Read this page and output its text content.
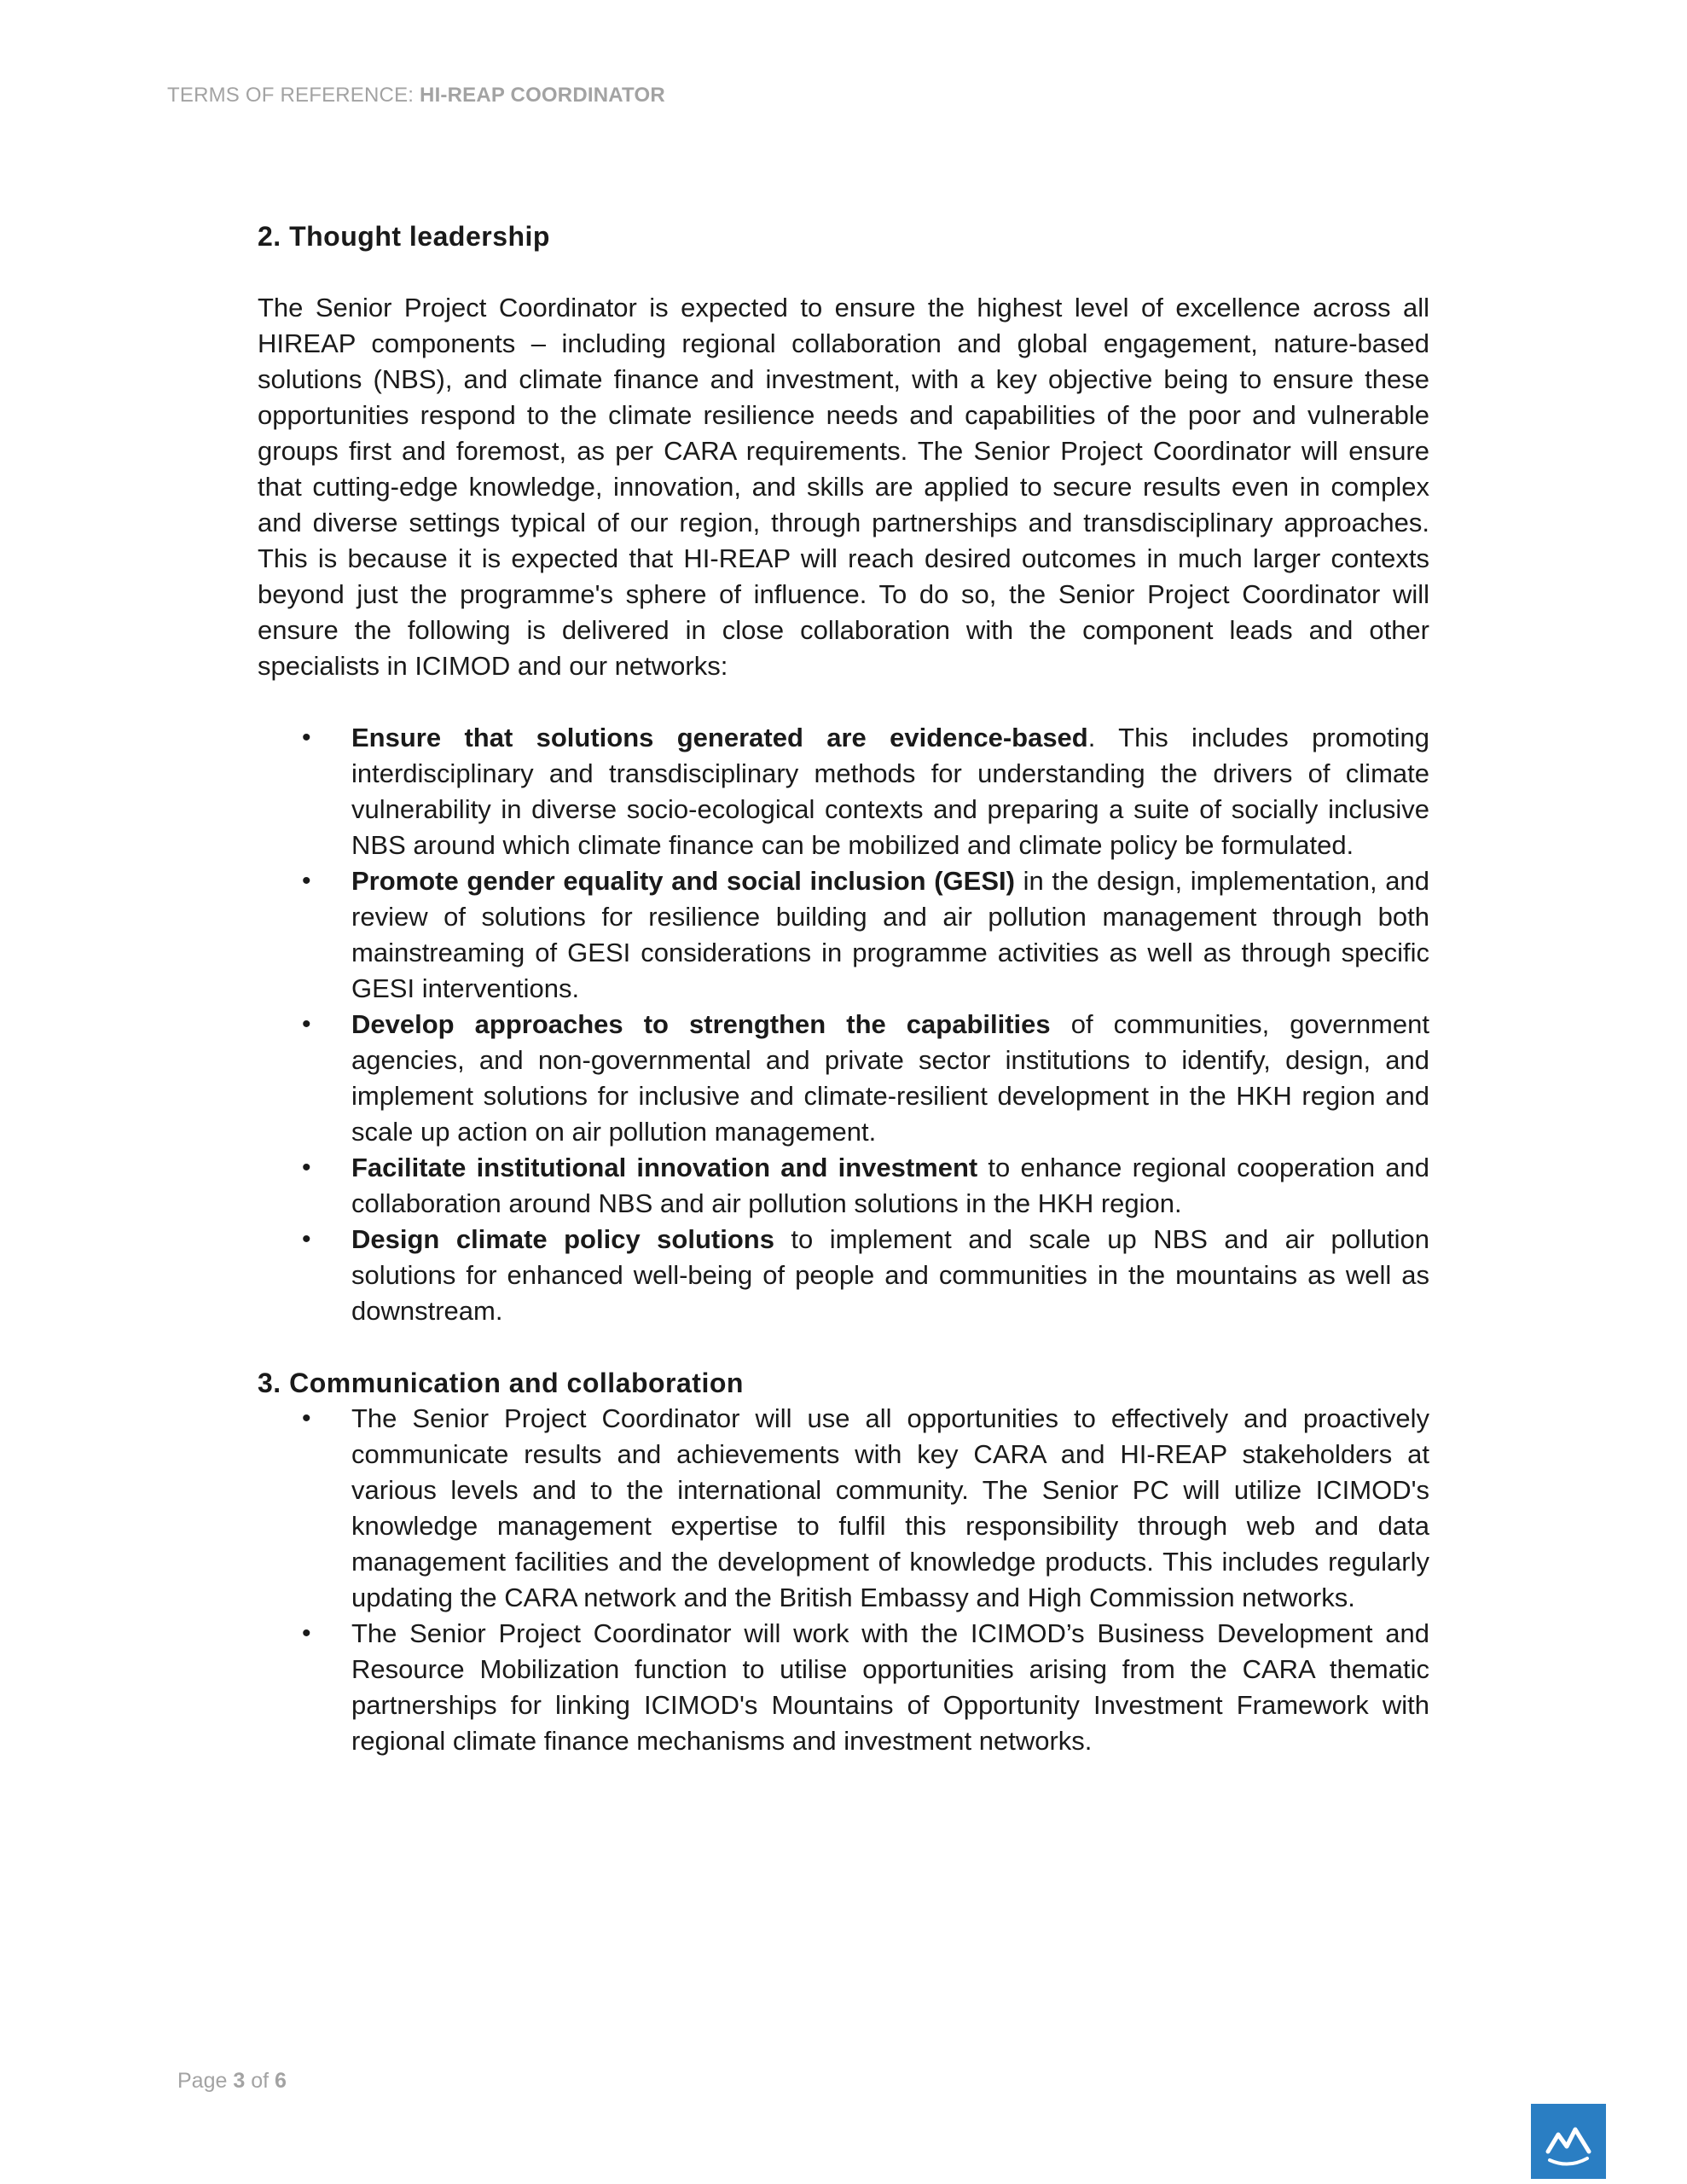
TERMS OF REFERENCE: HI-REAP COORDINATOR
2. Thought leadership

The Senior Project Coordinator is expected to ensure the highest level of excellence across all HIREAP components – including regional collaboration and global engagement, nature-based solutions (NBS), and climate finance and investment, with a key objective being to ensure these opportunities respond to the climate resilience needs and capabilities of the poor and vulnerable groups first and foremost, as per CARA requirements. The Senior Project Coordinator will ensure that cutting-edge knowledge, innovation, and skills are applied to secure results even in complex and diverse settings typical of our region, through partnerships and transdisciplinary approaches. This is because it is expected that HI-REAP will reach desired outcomes in much larger contexts beyond just the programme's sphere of influence. To do so, the Senior Project Coordinator will ensure the following is delivered in close collaboration with the component leads and other specialists in ICIMOD and our networks:

• Ensure that solutions generated are evidence-based. This includes promoting interdisciplinary and transdisciplinary methods for understanding the drivers of climate vulnerability in diverse socio-ecological contexts and preparing a suite of socially inclusive NBS around which climate finance can be mobilized and climate policy be formulated.
• Promote gender equality and social inclusion (GESI) in the design, implementation, and review of solutions for resilience building and air pollution management through both mainstreaming of GESI considerations in programme activities as well as through specific GESI interventions.
• Develop approaches to strengthen the capabilities of communities, government agencies, and non-governmental and private sector institutions to identify, design, and implement solutions for inclusive and climate-resilient development in the HKH region and scale up action on air pollution management.
• Facilitate institutional innovation and investment to enhance regional cooperation and collaboration around NBS and air pollution solutions in the HKH region.
• Design climate policy solutions to implement and scale up NBS and air pollution solutions for enhanced well-being of people and communities in the mountains as well as downstream.
3. Communication and collaboration
• The Senior Project Coordinator will use all opportunities to effectively and proactively communicate results and achievements with key CARA and HI-REAP stakeholders at various levels and to the international community. The Senior PC will utilize ICIMOD's knowledge management expertise to fulfil this responsibility through web and data management facilities and the development of knowledge products. This includes regularly updating the CARA network and the British Embassy and High Commission networks.
• The Senior Project Coordinator will work with the ICIMOD’s Business Development and Resource Mobilization function to utilise opportunities arising from the CARA thematic partnerships for linking ICIMOD's Mountains of Opportunity Investment Framework with regional climate finance mechanisms and investment networks.
Page 3 of 6
